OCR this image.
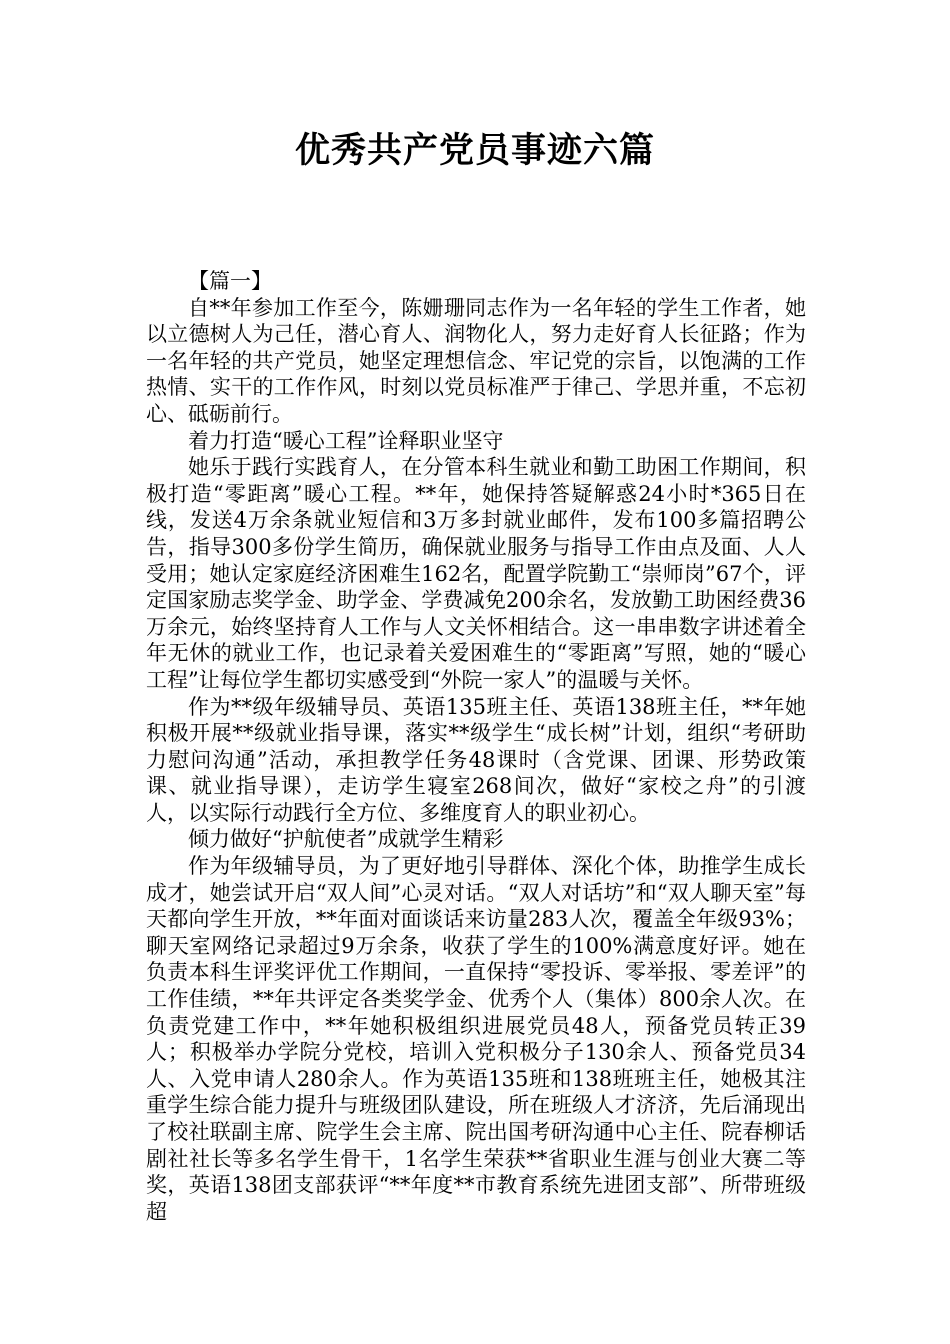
优秀共产党员事迹六篇

【篇一】

自**年参加工作至今，陈姗珊同志作为一名年轻的学生工作者，她以立德树人为己任，潜心育人、润物化人，努力走好育人长征路；作为一名年轻的共产党员，她坚定理想信念、牢记党的宗旨，以饱满的工作热情、实干的工作作风，时刻以党员标准严于律己、学思并重，不忘初心、砥砺前行。

着力打造“暖心工程”诠释职业坚守

她乐于践行实践育人，在分管本科生就业和勤工助困工作期间，积极打造“零距离”暖心工程。**年，她保持答疑解惑24小时*365日在线，发送4万余条就业短信和3万多封就业邮件，发布100多篇招聘公告，指导300多份学生简历，确保就业服务与指导工作由点及面、人人受用；她认定家庭经济困难生162名，配置学院勤工“崇师岗”67个，评定国家励志奖学金、助学金、学费减免200余名，发放勤工助困经费36万余元，始终坚持育人工作与人文关怀相结合。这一串串数字讲述着全年无休的就业工作，也记录着关爱困难生的“零距离”写照，她的“暖心工程”让每位学生都切实感受到“外院一家人”的温暖与关怀。

作为**级年级辅导员、英语135班主任、英语138班主任，**年她积极开展**级就业指导课，落实**级学生“成长树”计划，组织“考研助力慰问沟通”活动，承担教学任务48课时（含党课、团课、形势政策课、就业指导课），走访学生寝室268间次，做好“家校之舟”的引渡人，以实际行动践行全方位、多维度育人的职业初心。

倾力做好“护航使者”成就学生精彩

作为年级辅导员，为了更好地引导群体、深化个体，助推学生成长成才，她尝试开启“双人间”心灵对话。“双人对话坊”和“双人聊天室”每天都向学生开放，**年面对面谈话来访量283人次，覆盖全年级93%；聊天室网络记录超过9万余条，收获了学生的100%满意度好评。她在负责本科生评奖评优工作期间，一直保持“零投诉、零举报、零差评”的工作佳绩，**年共评定各类奖学金、优秀个人（集体）800余人次。在负责党建工作中，**年她积极组织进展党员48人，预备党员转正39人；积极举办学院分党校，培训入党积极分子130余人、预备党员34人、入党申请人280余人。作为英语135班和138班班主任，她极其注重学生综合能力提升与班级团队建设，所在班级人才济济，先后涌现出了校社联副主席、院学生会主席、院出国考研沟通中心主任、院春柳话剧社社长等多名学生骨干，1名学生荣获**省职业生涯与创业大赛二等奖，英语138团支部获评“**年度**市教育系统先进团支部”、所带班级超
